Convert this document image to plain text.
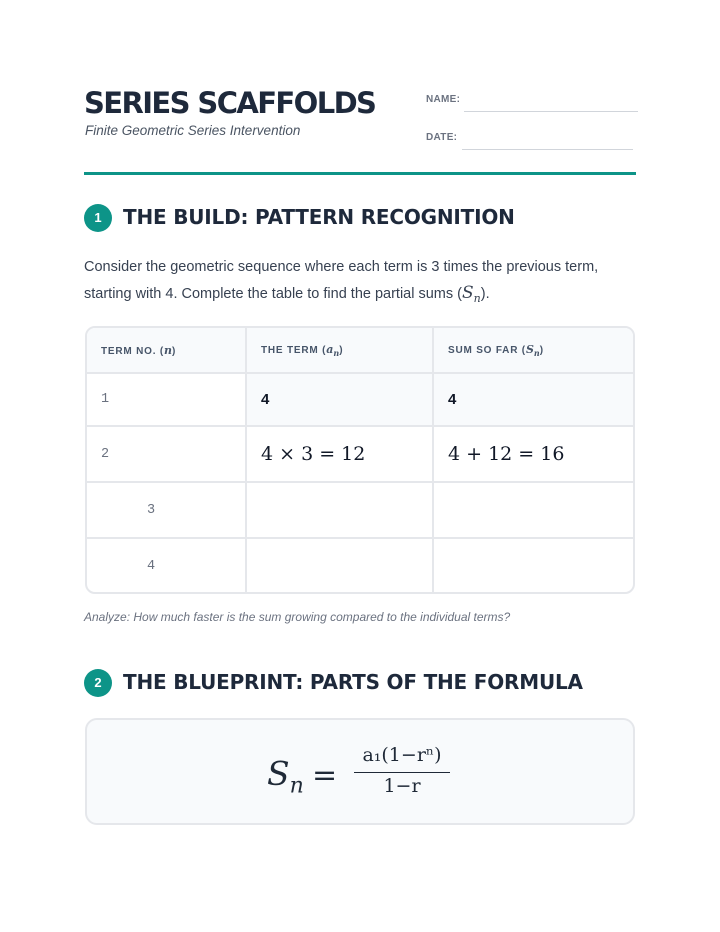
SERIES SCAFFOLDS
Finite Geometric Series Intervention
NAME:
DATE:
1	THE BUILD: PATTERN RECOGNITION
Consider the geometric sequence where each term is 3 times the previous term,
starting with 4. Complete the table to find the partial sums $(S_n)$.
TERM NO. (n)	THE TERM $(a_n)$	SUM SO FAR $(S_n)$
1	4	4
2	4 × 3 = 12	4 + 12 = 16
3		
4		
Analyze: How much faster is the sum growing compared to the individual terms?
2	THE BLUEPRINT: PARTS OF THE FORMULA
$S_n$ =
a₁(1−rⁿ)
1−r
